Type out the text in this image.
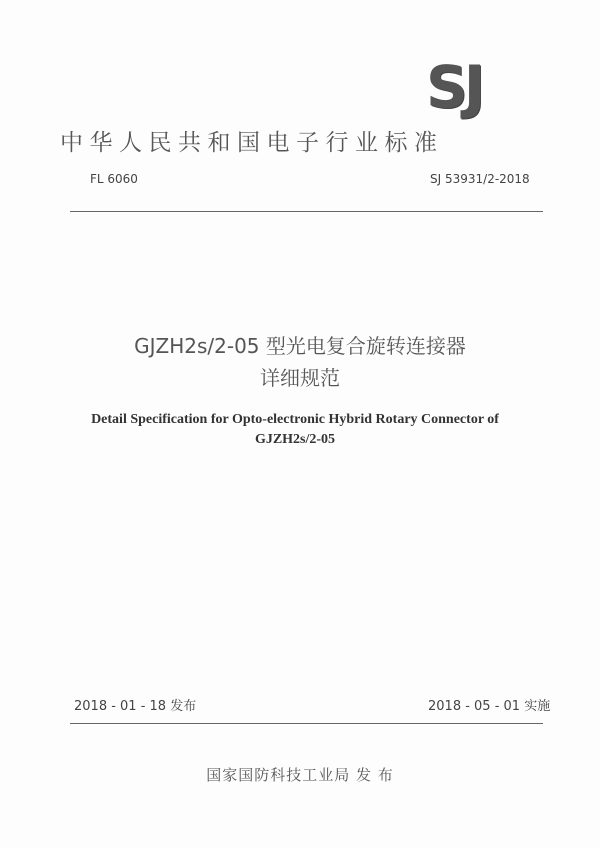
SJ
中华人民共和国电子行业标准
FL 6060	SJ 53931/2-2018
GJZH2s/2-05 型光电复合旋转连接器
详细规范
Detail Specification for Opto-electronic Hybrid Rotary Connector of
GJZH2s/2-05
2018 - 01 - 18 发布	2018 - 05 - 01 实施
国家国防科技工业局 发 布
